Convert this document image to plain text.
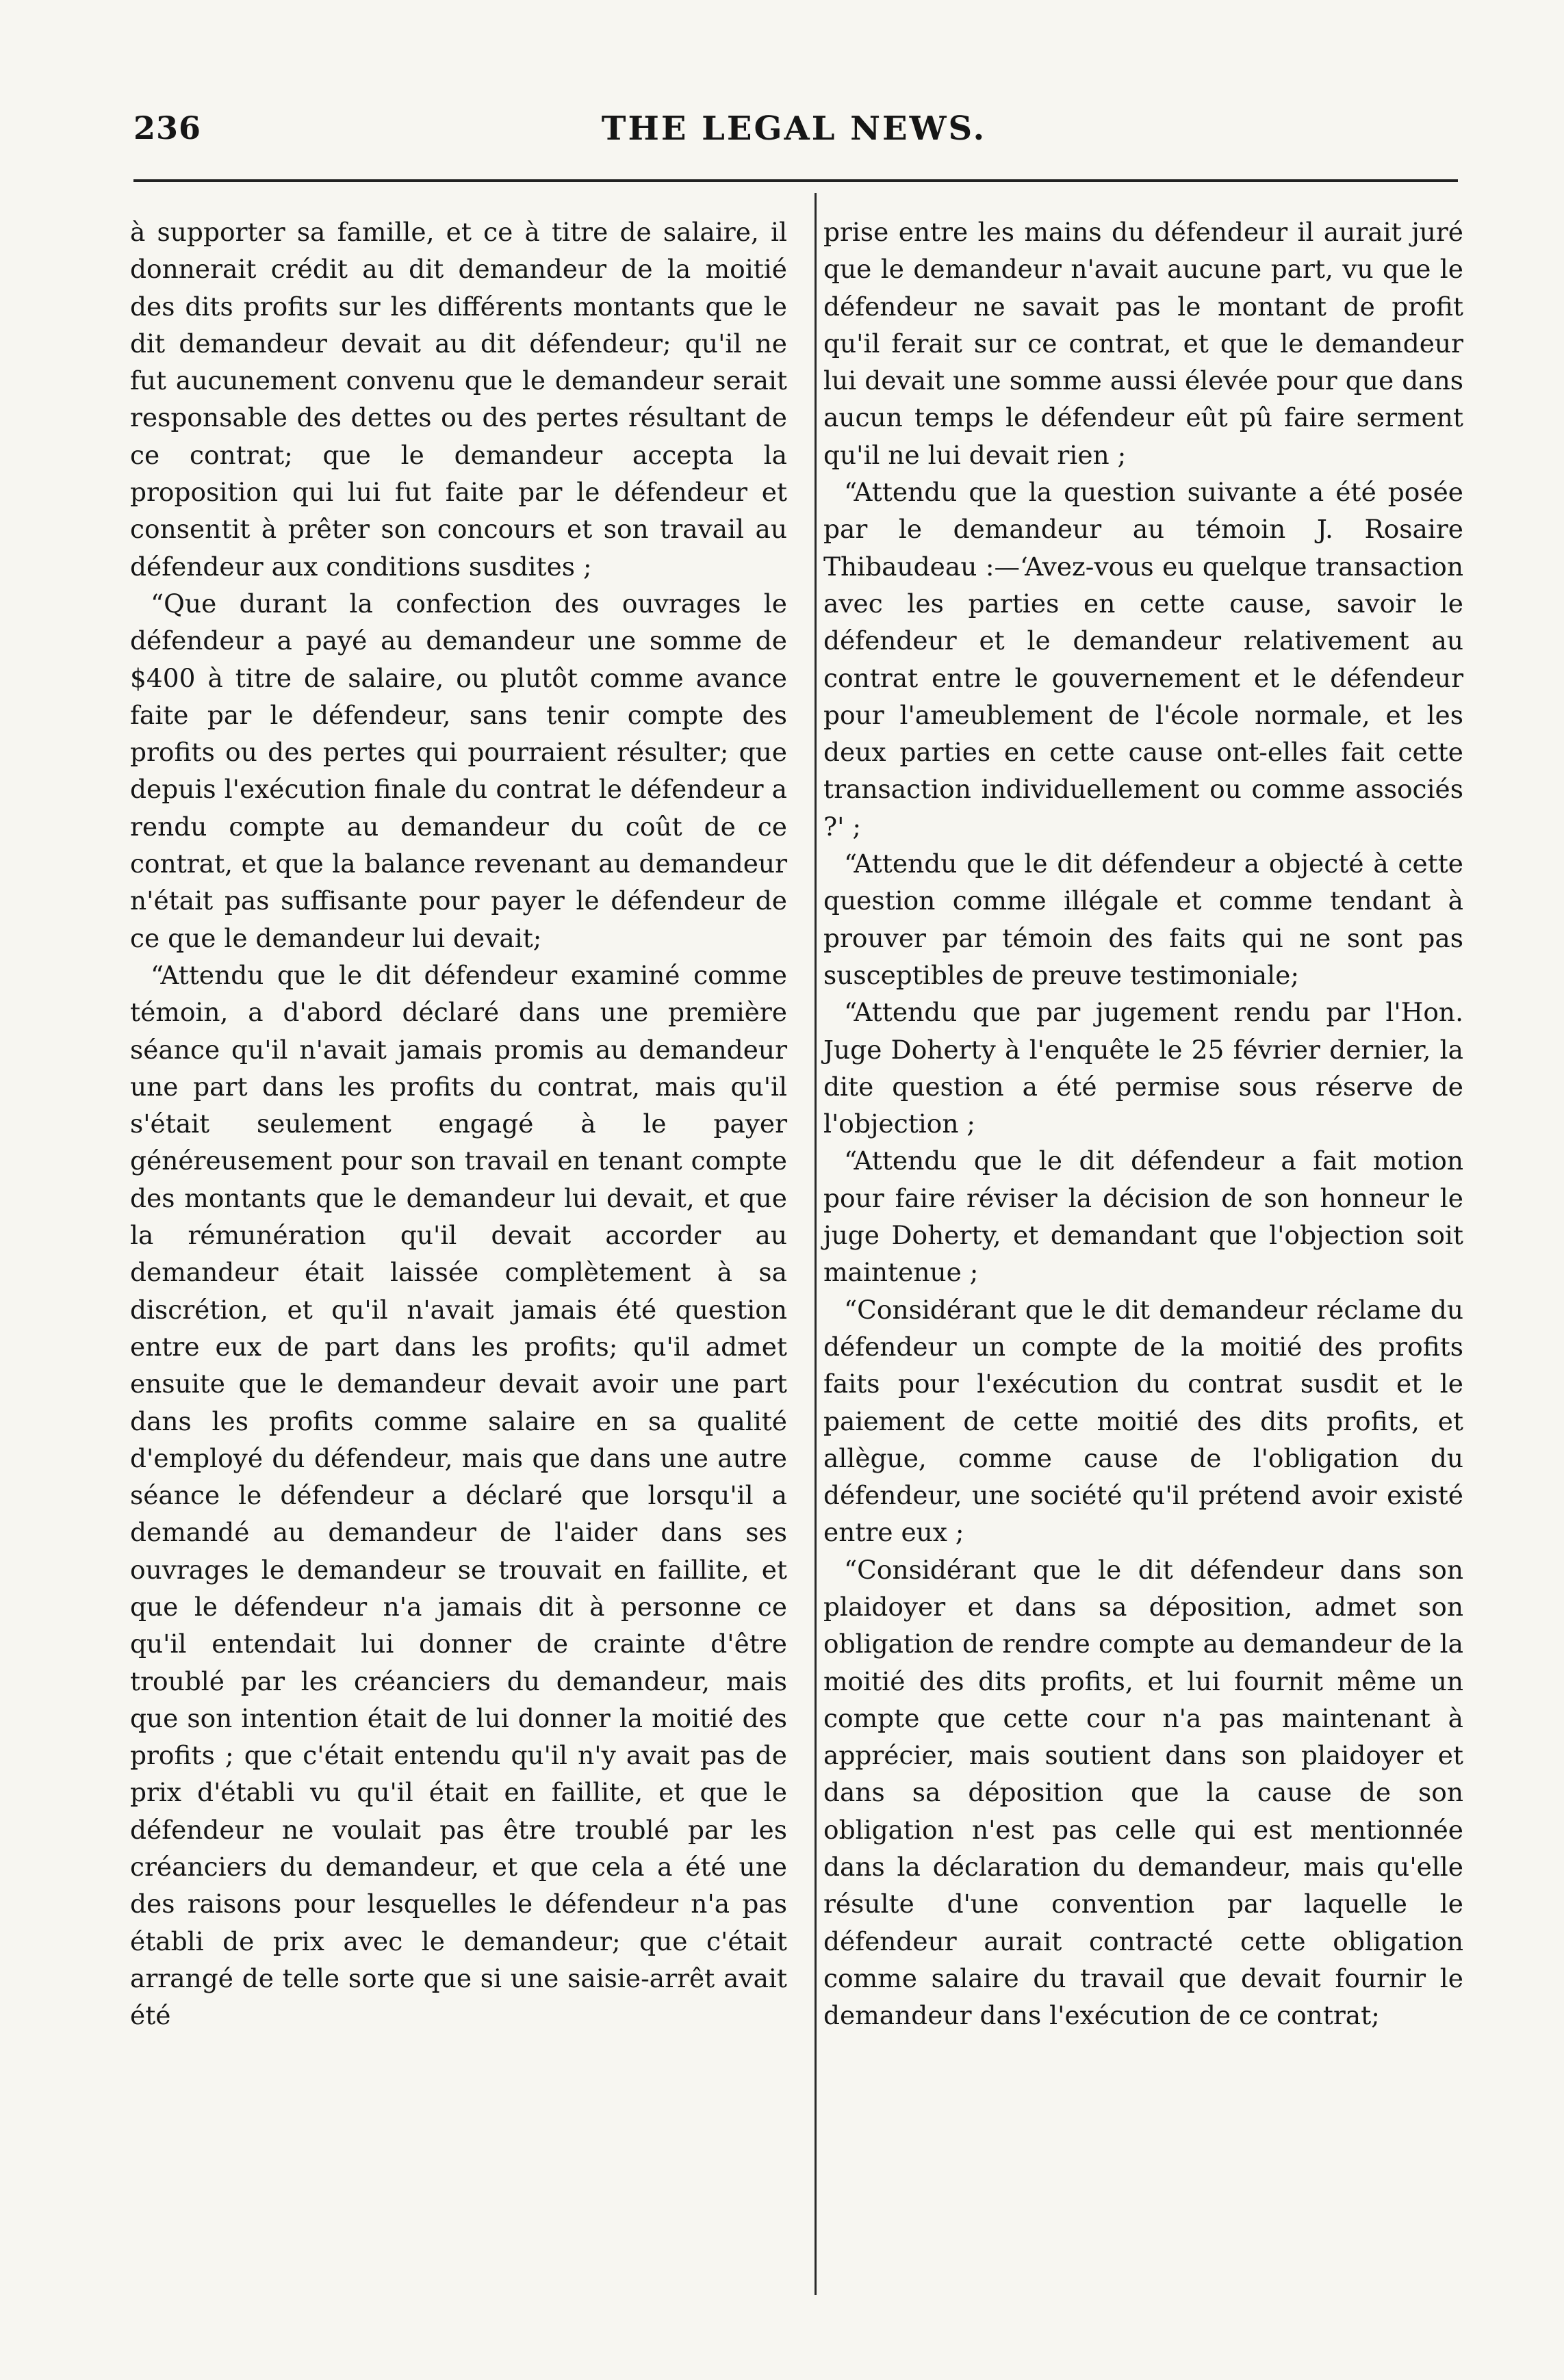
236	THE LEGAL NEWS.

à supporter sa famille, et ce à titre de salaire, il donnerait crédit au dit demandeur de la moitié des dits profits sur les différents montants que le dit demandeur devait au dit défendeur; qu'il ne fut aucunement convenu que le demandeur serait responsable des dettes ou des pertes résultant de ce contrat; que le demandeur accepta la proposition qui lui fut faite par le défendeur et consentit à prêter son concours et son travail au défendeur aux conditions susdites ;

“Que durant la confection des ouvrages le défendeur a payé au demandeur une somme de $400 à titre de salaire, ou plutôt comme avance faite par le défendeur, sans tenir compte des profits ou des pertes qui pourraient résulter; que depuis l'exécution finale du contrat le défendeur a rendu compte au demandeur du coût de ce contrat, et que la balance revenant au demandeur n'était pas suffisante pour payer le défendeur de ce que le demandeur lui devait;

“Attendu que le dit défendeur examiné comme témoin, a d'abord déclaré dans une première séance qu'il n'avait jamais promis au demandeur une part dans les profits du contrat, mais qu'il s'était seulement engagé à le payer généreusement pour son travail en tenant compte des montants que le demandeur lui devait, et que la rémunération qu'il devait accorder au demandeur était laissée complètement à sa discrétion, et qu'il n'avait jamais été question entre eux de part dans les profits; qu'il admet ensuite que le demandeur devait avoir une part dans les profits comme salaire en sa qualité d'employé du défendeur, mais que dans une autre séance le défendeur a déclaré que lorsqu'il a demandé au demandeur de l'aider dans ses ouvrages le demandeur se trouvait en faillite, et que le défendeur n'a jamais dit à personne ce qu'il entendait lui donner de crainte d'être troublé par les créanciers du demandeur, mais que son intention était de lui donner la moitié des profits ; que c'était entendu qu'il n'y avait pas de prix d'établi vu qu'il était en faillite, et que le défendeur ne voulait pas être troublé par les créanciers du demandeur, et que cela a été une des raisons pour lesquelles le défendeur n'a pas établi de prix avec le demandeur; que c'était arrangé de telle sorte que si une saisie-arrêt avait été

prise entre les mains du défendeur il aurait juré que le demandeur n'avait aucune part, vu que le défendeur ne savait pas le montant de profit qu'il ferait sur ce contrat, et que le demandeur lui devait une somme aussi élevée pour que dans aucun temps le défendeur eût pû faire serment qu'il ne lui devait rien ;

“Attendu que la question suivante a été posée par le demandeur au témoin J. Rosaire Thibaudeau :—‘Avez-vous eu quelque transaction avec les parties en cette cause, savoir le défendeur et le demandeur relativement au contrat entre le gouvernement et le défendeur pour l'ameublement de l'école normale, et les deux parties en cette cause ont-elles fait cette transaction individuellement ou comme associés ?' ;

“Attendu que le dit défendeur a objecté à cette question comme illégale et comme tendant à prouver par témoin des faits qui ne sont pas susceptibles de preuve testimoniale;

“Attendu que par jugement rendu par l'Hon. Juge Doherty à l'enquête le 25 février dernier, la dite question a été permise sous réserve de l'objection ;

“Attendu que le dit défendeur a fait motion pour faire réviser la décision de son honneur le juge Doherty, et demandant que l'objection soit maintenue ;

“Considérant que le dit demandeur réclame du défendeur un compte de la moitié des profits faits pour l'exécution du contrat susdit et le paiement de cette moitié des dits profits, et allègue, comme cause de l'obligation du défendeur, une société qu'il prétend avoir existé entre eux ;

“Considérant que le dit défendeur dans son plaidoyer et dans sa déposition, admet son obligation de rendre compte au demandeur de la moitié des dits profits, et lui fournit même un compte que cette cour n'a pas maintenant à apprécier, mais soutient dans son plaidoyer et dans sa déposition que la cause de son obligation n'est pas celle qui est mentionnée dans la déclaration du demandeur, mais qu'elle résulte d'une convention par laquelle le défendeur aurait contracté cette obligation comme salaire du travail que devait fournir le demandeur dans l'exécution de ce contrat;
